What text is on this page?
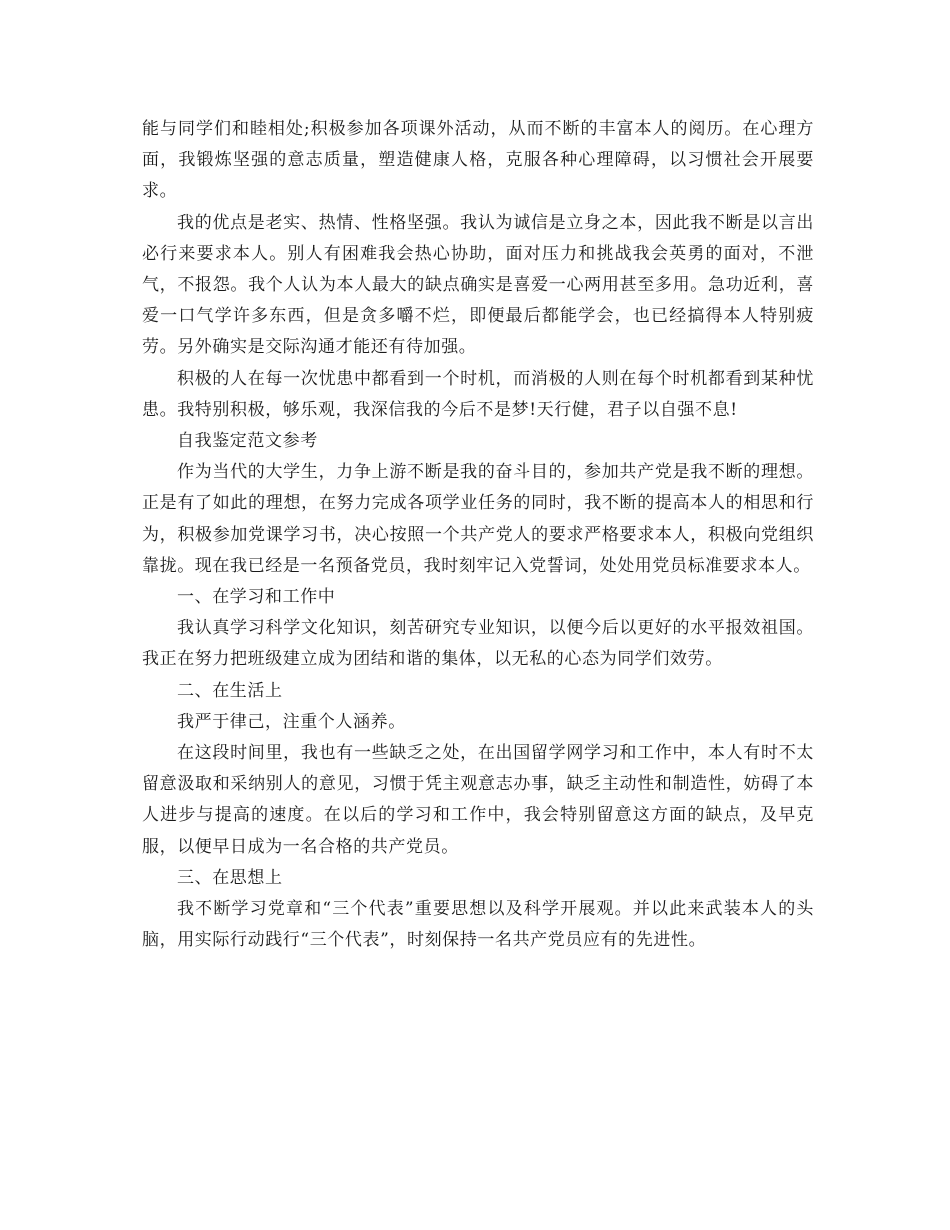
能与同学们和睦相处;积极参加各项课外活动，从而不断的丰富本人的阅历。在心理方面，我锻炼坚强的意志质量，塑造健康人格，克服各种心理障碍，以习惯社会开展要求。

我的优点是老实、热情、性格坚强。我认为诚信是立身之本，因此我不断是以言出必行来要求本人。别人有困难我会热心协助，面对压力和挑战我会英勇的面对，不泄气，不报怨。我个人认为本人最大的缺点确实是喜爱一心两用甚至多用。急功近利，喜爱一口气学许多东西，但是贪多嚼不烂，即便最后都能学会，也已经搞得本人特别疲劳。另外确实是交际沟通才能还有待加强。

积极的人在每一次忧患中都看到一个时机，而消极的人则在每个时机都看到某种忧患。我特别积极，够乐观，我深信我的今后不是梦!天行健，君子以自强不息!

自我鉴定范文参考

作为当代的大学生，力争上游不断是我的奋斗目的，参加共产党是我不断的理想。正是有了如此的理想，在努力完成各项学业任务的同时，我不断的提高本人的相思和行为，积极参加党课学习书，决心按照一个共产党人的要求严格要求本人，积极向党组织靠拢。现在我已经是一名预备党员，我时刻牢记入党誓词，处处用党员标准要求本人。

一、在学习和工作中

我认真学习科学文化知识，刻苦研究专业知识，以便今后以更好的水平报效祖国。我正在努力把班级建立成为团结和谐的集体，以无私的心态为同学们效劳。

二、在生活上

我严于律己，注重个人涵养。

在这段时间里，我也有一些缺乏之处，在出国留学网学习和工作中，本人有时不太留意汲取和采纳别人的意见，习惯于凭主观意志办事，缺乏主动性和制造性，妨碍了本人进步与提高的速度。在以后的学习和工作中，我会特别留意这方面的缺点，及早克服，以便早日成为一名合格的共产党员。

三、在思想上

我不断学习党章和“三个代表”重要思想以及科学开展观。并以此来武装本人的头脑，用实际行动践行“三个代表”，时刻保持一名共产党员应有的先进性。
